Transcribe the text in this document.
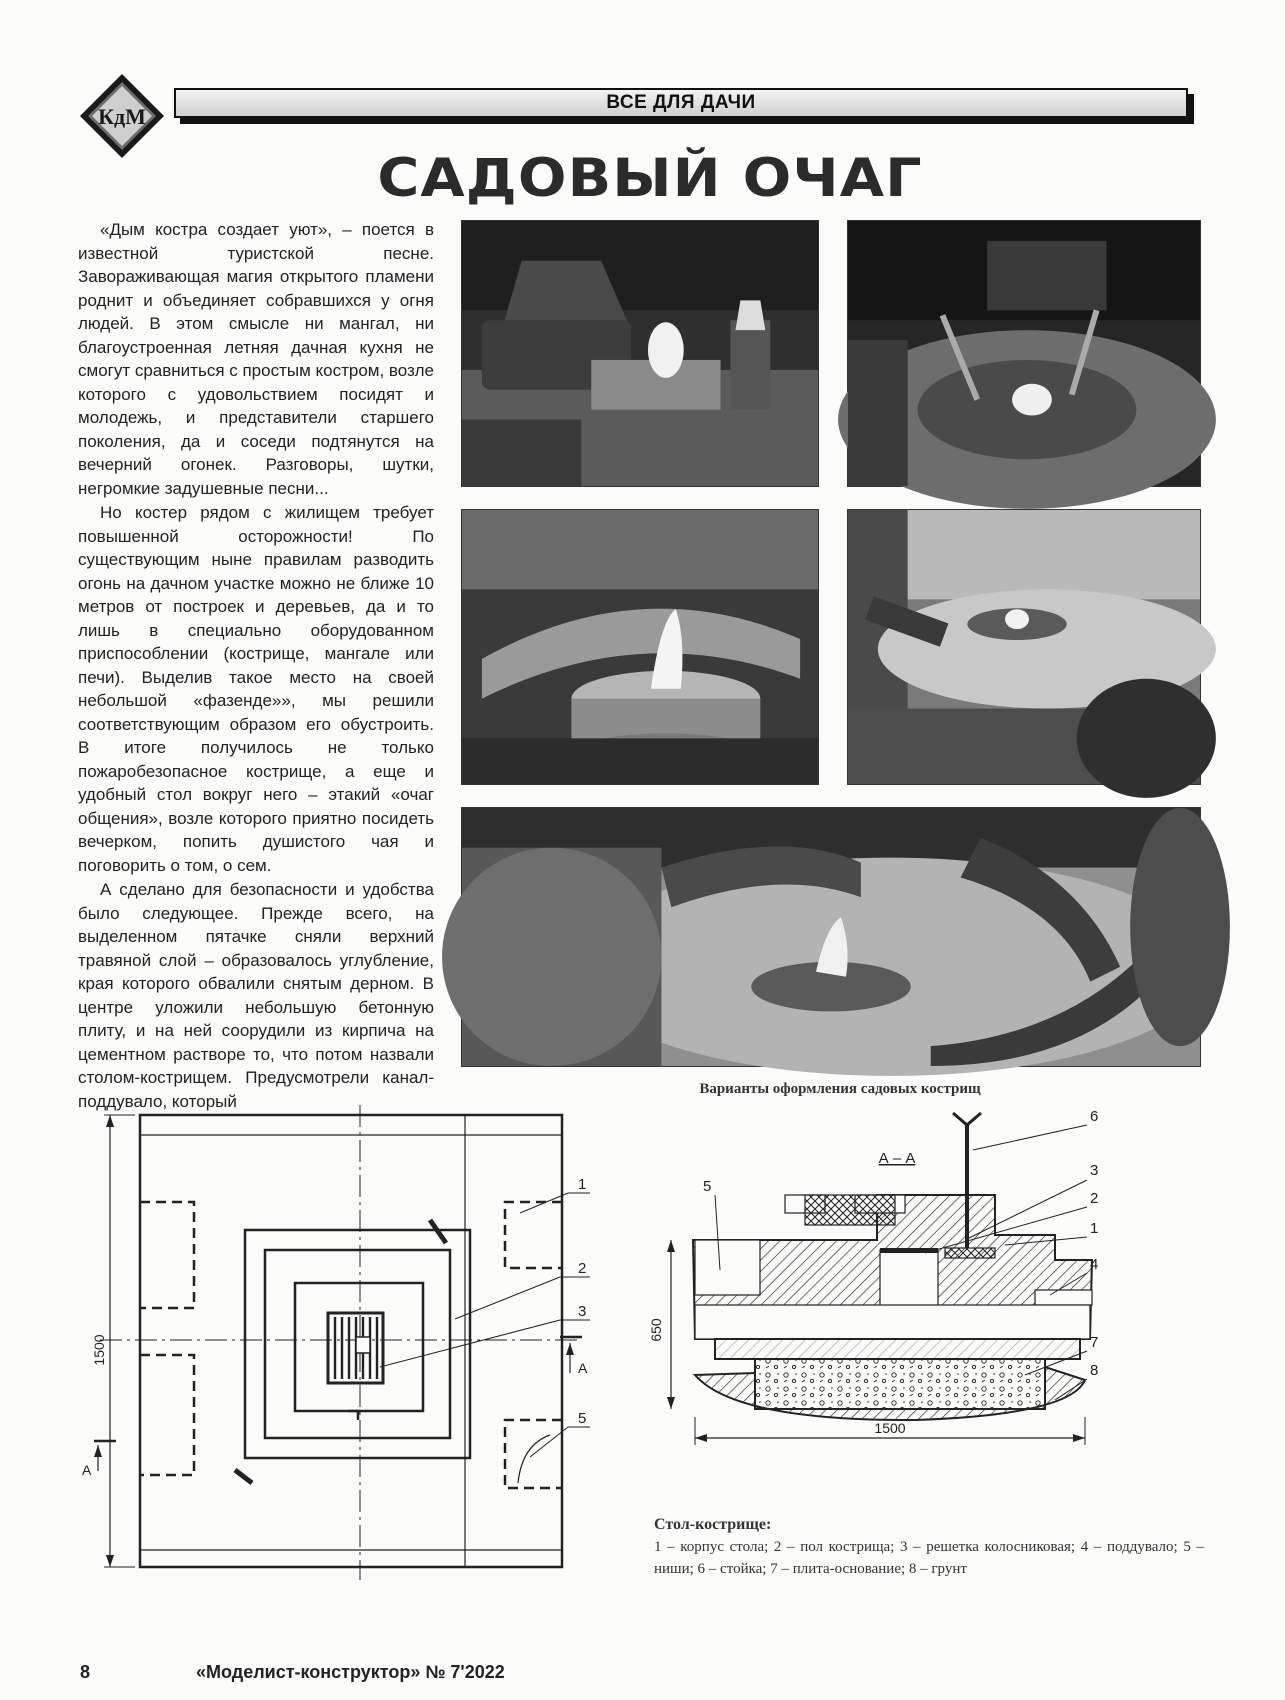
КдМ
ВСЕ ДЛЯ ДАЧИ
САДОВЫЙ ОЧАГ

«Дым костра создает уют», – поется в известной туристской песне. Завораживающая магия открытого пламени роднит и объединяет собравшихся у огня людей. В этом смысле ни мангал, ни благоустроенная летняя дачная кухня не смогут сравниться с простым костром, возле которого с удовольствием посидят и молодежь, и представители старшего поколения, да и соседи подтянутся на вечерний огонек. Разговоры, шутки, негромкие задушевные песни...

Но костер рядом с жилищем требует повышенной осторожности! По существующим ныне правилам разводить огонь на дачном участке можно не ближе 10 метров от построек и деревьев, да и то лишь в специально оборудованном приспособлении (кострище, мангале или печи). Выделив такое место на своей небольшой «фазенде»», мы решили соответствующим образом его обустроить. В итоге получилось не только пожаробезопасное кострище, а еще и удобный стол вокруг него – этакий «очаг общения», возле которого приятно посидеть вечерком, попить душистого чая и поговорить о том, о сем.

А сделано для безопасности и удобства было следующее. Прежде всего, на выделенном пятачке сняли верхний травяной слой – образовалось углубление, края которого обвалили снятым дерном. В центре уложили небольшую бетонную плиту, и на ней соорудили из кирпича на цементном растворе то, что потом назвали столом-кострищем. Предусмотрели канал-поддувало, который

Варианты оформления садовых кострищ
1500
А
А
1
2
3
5
А – А
650
1500
6
3
2
1
4
5
7
8
Стол-кострище:
1 – корпус стола; 2 – пол кострища; 3 – решетка колосниковая; 4 – поддувало; 5 – ниши; 6 – стойка; 7 – плита-основание; 8 – грунт
8	«Моделист-конструктор» № 7'2022
